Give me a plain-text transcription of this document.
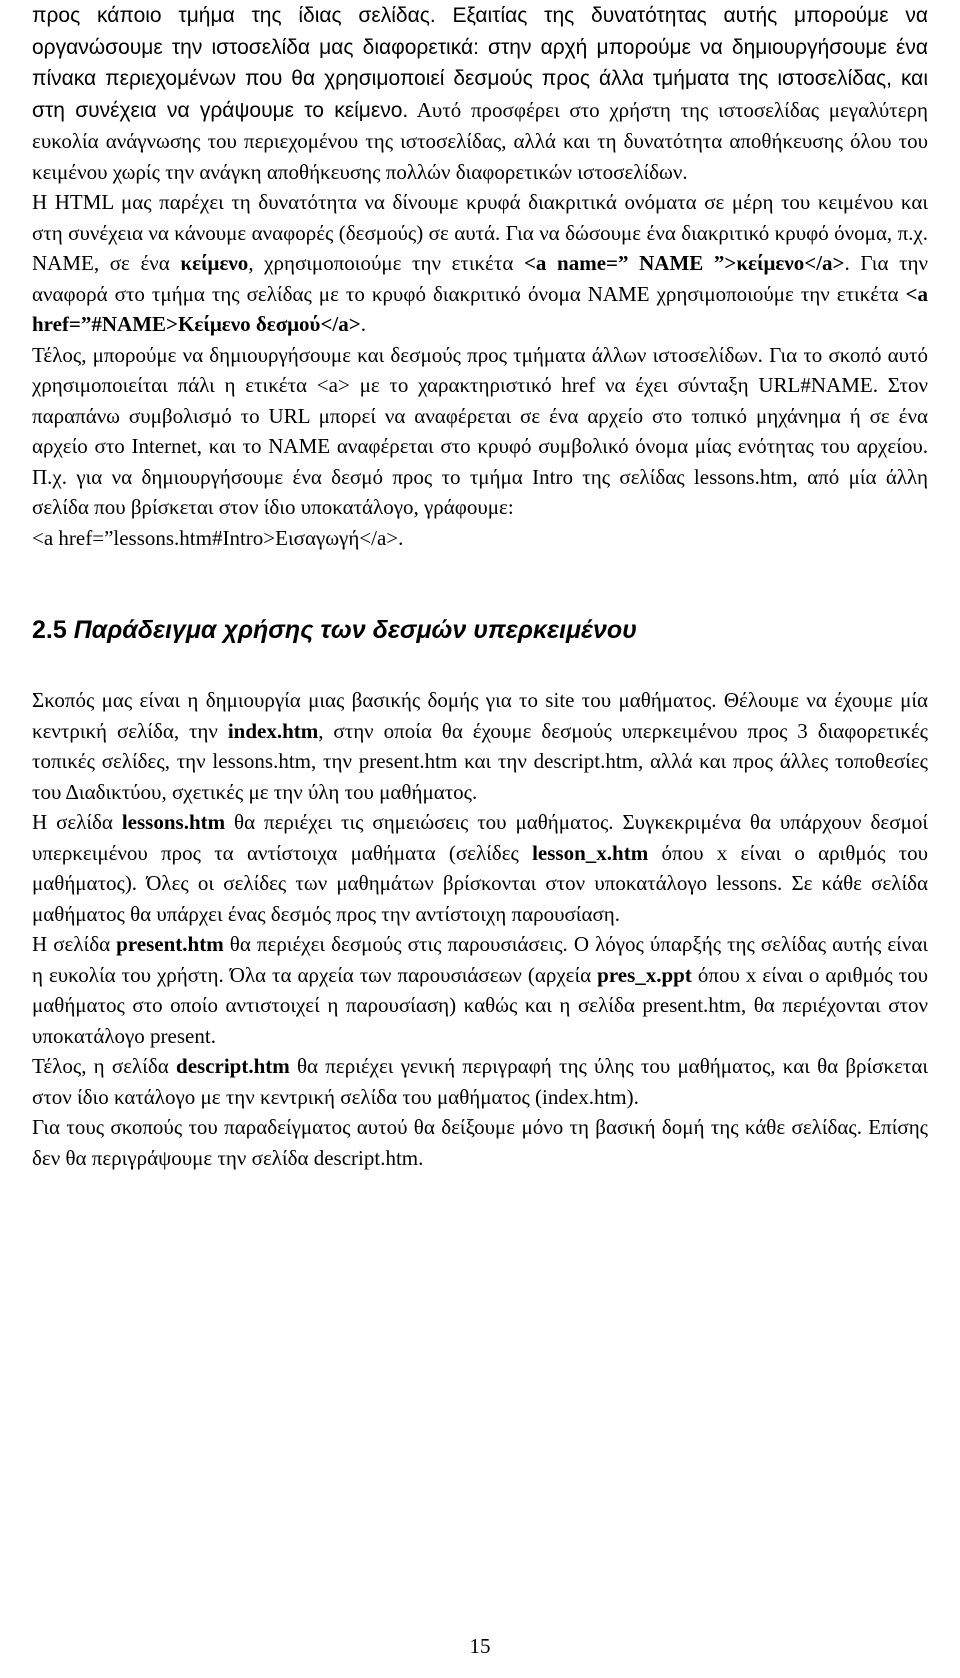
προς κάποιο τμήμα της ίδιας σελίδας. Εξαιτίας της δυνατότητας αυτής μπορούμε να οργανώσουμε την ιστοσελίδα μας διαφορετικά: στην αρχή μπορούμε να δημιουργήσουμε ένα πίνακα περιεχομένων που θα χρησιμοποιεί δεσμούς προς άλλα τμήματα της ιστοσελίδας, και στη συνέχεια να γράψουμε το κείμενο. Αυτό προσφέρει στο χρήστη της ιστοσελίδας μεγαλύτερη ευκολία ανάγνωσης του περιεχομένου της ιστοσελίδας, αλλά και τη δυνατότητα αποθήκευσης όλου του κειμένου χωρίς την ανάγκη αποθήκευσης πολλών διαφορετικών ιστοσελίδων.

Η HTML μας παρέχει τη δυνατότητα να δίνουμε κρυφά διακριτικά ονόματα σε μέρη του κειμένου και στη συνέχεια να κάνουμε αναφορές (δεσμούς) σε αυτά. Για να δώσουμε ένα διακριτικό κρυφό όνομα, π.χ. NAME, σε ένα κείμενο, χρησιμοποιούμε την ετικέτα <a name=” NAME ”>κείμενο</a>. Για την αναφορά στο τμήμα της σελίδας με το κρυφό διακριτικό όνομα NAME χρησιμοποιούμε την ετικέτα <a href=”#NAME>Κείμενο δεσμού</a>.

Τέλος, μπορούμε να δημιουργήσουμε και δεσμούς προς τμήματα άλλων ιστοσελίδων. Για το σκοπό αυτό χρησιμοποιείται πάλι η ετικέτα <a> με το χαρακτηριστικό href να έχει σύνταξη URL#NAME. Στον παραπάνω συμβολισμό το URL μπορεί να αναφέρεται σε ένα αρχείο στο τοπικό μηχάνημα ή σε ένα αρχείο στο Internet, και το NAME αναφέρεται στο κρυφό συμβολικό όνομα μίας ενότητας του αρχείου. Π.χ. για να δημιουργήσουμε ένα δεσμό προς το τμήμα Intro της σελίδας lessons.htm, από μία άλλη σελίδα που βρίσκεται στον ίδιο υποκατάλογο, γράφουμε:

<a href=”lessons.htm#Intro>Εισαγωγή</a>.

2.5 Παράδειγμα χρήσης των δεσμών υπερκειμένου

Σκοπός μας είναι η δημιουργία μιας βασικής δομής για το site του μαθήματος. Θέλουμε να έχουμε μία κεντρική σελίδα, την index.htm, στην οποία θα έχουμε δεσμούς υπερκειμένου προς 3 διαφορετικές τοπικές σελίδες, την lessons.htm, την present.htm και την descript.htm, αλλά και προς άλλες τοποθεσίες του Διαδικτύου, σχετικές με την ύλη του μαθήματος.

Η σελίδα lessons.htm θα περιέχει τις σημειώσεις του μαθήματος. Συγκεκριμένα θα υπάρχουν δεσμοί υπερκειμένου προς τα αντίστοιχα μαθήματα (σελίδες lesson_x.htm όπου x είναι ο αριθμός του μαθήματος). Όλες οι σελίδες των μαθημάτων βρίσκονται στον υποκατάλογο lessons. Σε κάθε σελίδα μαθήματος θα υπάρχει ένας δεσμός προς την αντίστοιχη παρουσίαση.

Η σελίδα present.htm θα περιέχει δεσμούς στις παρουσιάσεις. Ο λόγος ύπαρξής της σελίδας αυτής είναι η ευκολία του χρήστη. Όλα τα αρχεία των παρουσιάσεων (αρχεία pres_x.ppt όπου x είναι ο αριθμός του μαθήματος στο οποίο αντιστοιχεί η παρουσίαση) καθώς και η σελίδα present.htm, θα περιέχονται στον υποκατάλογο present.

Τέλος, η σελίδα descript.htm θα περιέχει γενική περιγραφή της ύλης του μαθήματος, και θα βρίσκεται στον ίδιο κατάλογο με την κεντρική σελίδα του μαθήματος (index.htm).

Για τους σκοπούς του παραδείγματος αυτού θα δείξουμε μόνο τη βασική δομή της κάθε σελίδας. Επίσης δεν θα περιγράψουμε την σελίδα descript.htm.

15
